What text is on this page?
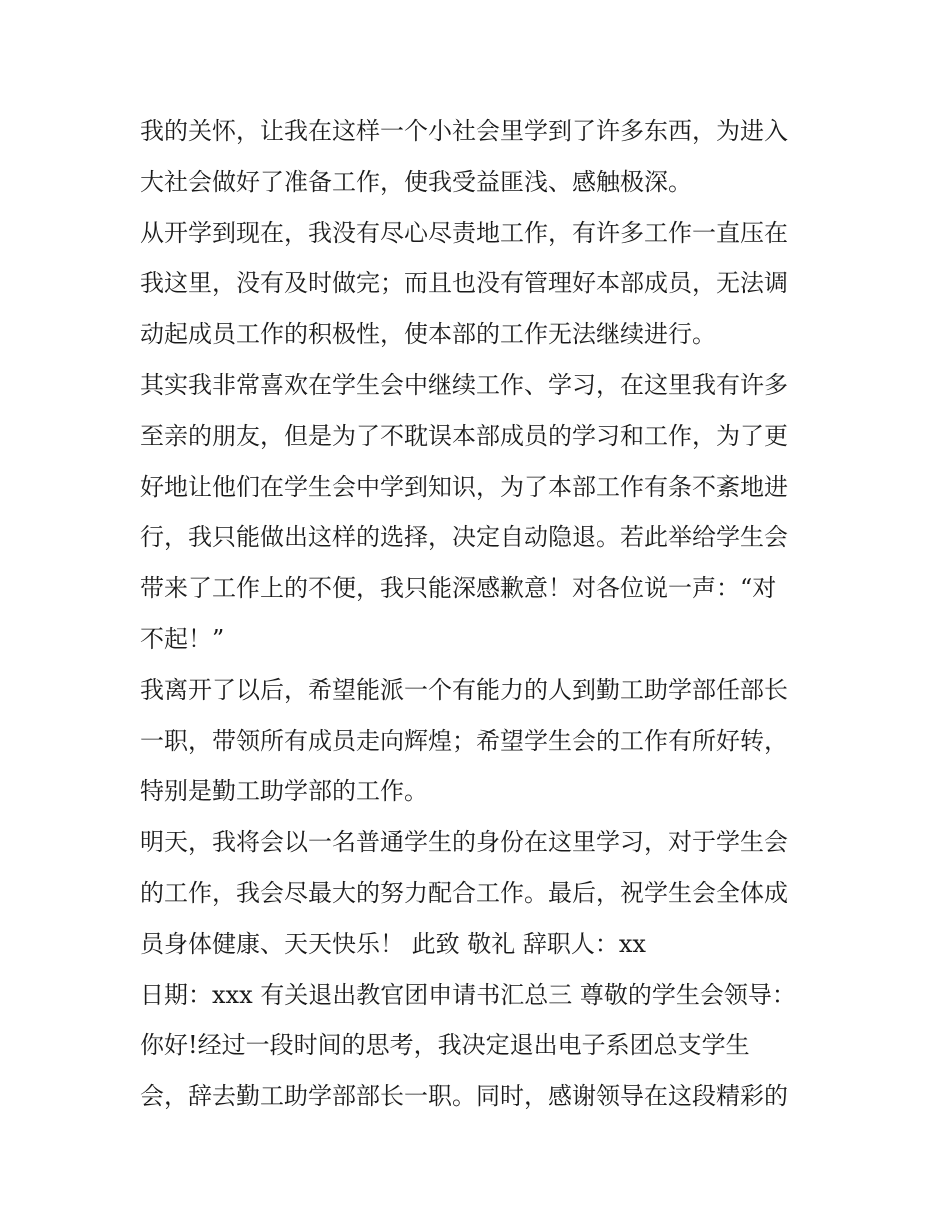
我的关怀，让我在这样一个小社会里学到了许多东西，为进入
大社会做好了准备工作，使我受益匪浅、感触极深。
从开学到现在，我没有尽心尽责地工作，有许多工作一直压在
我这里，没有及时做完；而且也没有管理好本部成员，无法调
动起成员工作的积极性，使本部的工作无法继续进行。
其实我非常喜欢在学生会中继续工作、学习，在这里我有许多
至亲的朋友，但是为了不耽误本部成员的学习和工作，为了更
好地让他们在学生会中学到知识，为了本部工作有条不紊地进
行，我只能做出这样的选择，决定自动隐退。若此举给学生会
带来了工作上的不便，我只能深感歉意！对各位说一声：“对
不起！”
我离开了以后，希望能派一个有能力的人到勤工助学部任部长
一职，带领所有成员走向辉煌；希望学生会的工作有所好转，
特别是勤工助学部的工作。
明天，我将会以一名普通学生的身份在这里学习，对于学生会
的工作，我会尽最大的努力配合工作。最后，祝学生会全体成
员身体健康、天天快乐！ 此致 敬礼 辞职人：xx
日期：xxx 有关退出教官团申请书汇总三 尊敬的学生会领导：
你好!经过一段时间的思考，我决定退出电子系团总支学生
会，辞去勤工助学部部长一职。同时，感谢领导在这段精彩的
